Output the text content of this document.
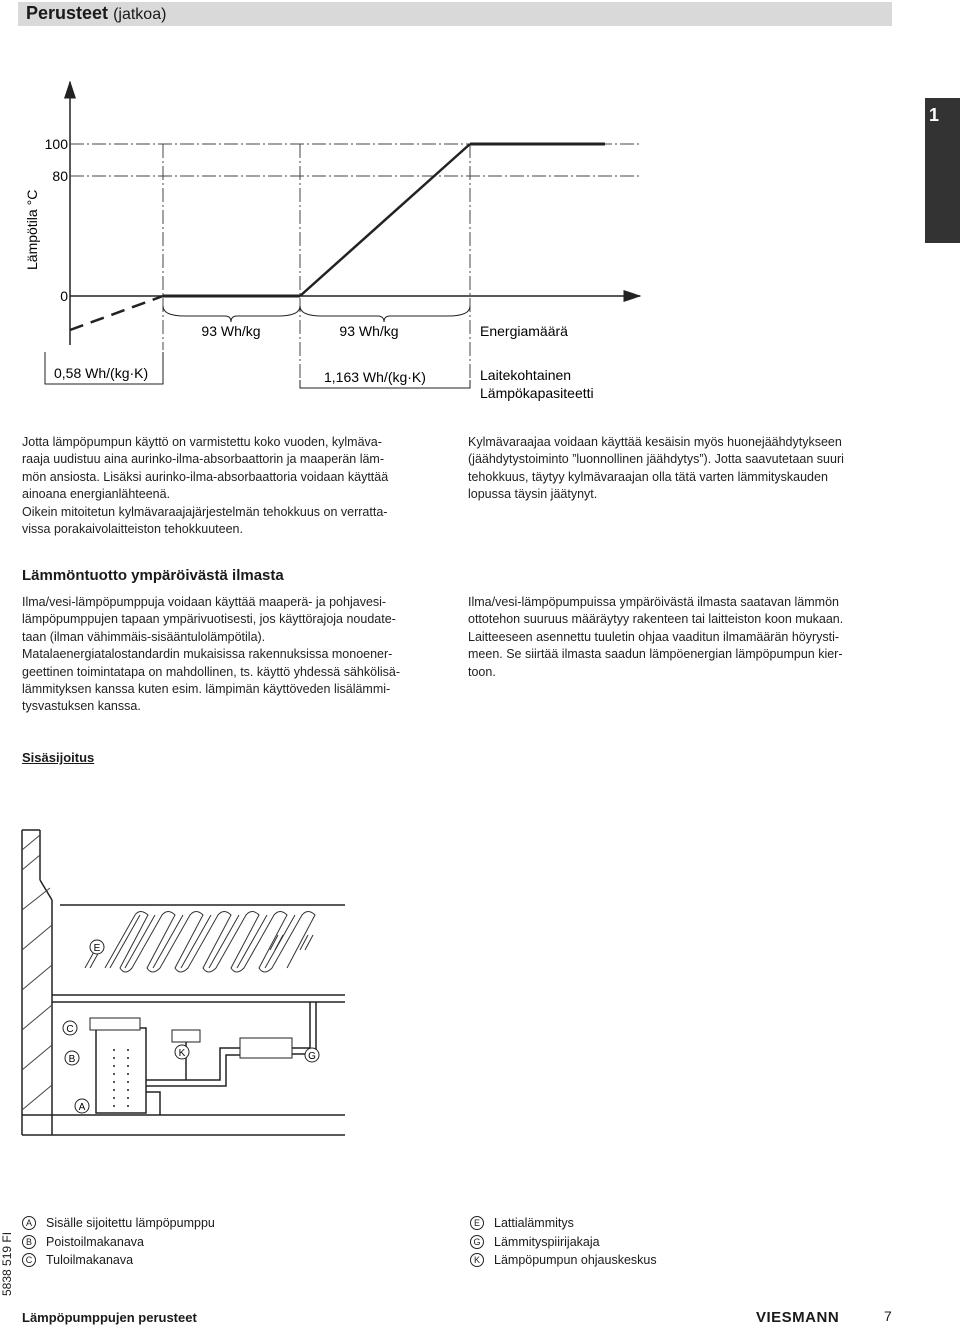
Perusteet (jatkoa)
1
100
80
0
Lämpötila °C
93 Wh/kg	93 Wh/kg	Energiamäärä
0,58 Wh/(kg·K)	1,163 Wh/(kg·K)	Laitekohtainen
Lämpökapasiteetti
Jotta lämpöpumpun käyttö on varmistettu koko vuoden, kylmäva-
raaja uudistuu aina aurinko-ilma-absorbaattorin ja maaperän läm-
mön ansiosta. Lisäksi aurinko-ilma-absorbaattoria voidaan käyttää
ainoana energianlähteenä.
Oikein mitoitetun kylmävaraajajärjestelmän tehokkuus on verratta-
vissa porakaivolaitteiston tehokkuuteen.
Kylmävaraajaa voidaan käyttää kesäisin myös huonejäähdytykseen
(jäähdytystoiminto ”luonnollinen jäähdytys”). Jotta saavutetaan suuri
tehokkuus, täytyy kylmävaraajan olla tätä varten lämmityskauden
lopussa täysin jäätynyt.
Lämmöntuotto ympäröivästä ilmasta
Ilma/vesi-lämpöpumppuja voidaan käyttää maaperä- ja pohjavesi-
lämpöpumppujen tapaan ympärivuotisesti, jos käyttörajoja noudate-
taan (ilman vähimmäis-sisääntulolämpötila).
Matalaenergiatalostandardin mukaisissa rakennuksissa monoener-
geettinen toimintatapa on mahdollinen, ts. käyttö yhdessä sähkölisä-
lämmityksen kanssa kuten esim. lämpimän käyttöveden lisälämmi-
tysvastuksen kanssa.
Ilma/vesi-lämpöpumpuissa ympäröivästä ilmasta saatavan lämmön
ottotehon suuruus määräytyy rakenteen tai laitteiston koon mukaan.
Laitteeseen asennettu tuuletin ohjaa vaaditun ilmamäärän höyrysti-
meen. Se siirtää ilmasta saadun lämpöenergian lämpöpumpun kier-
toon.
Sisäsijoitus
E
C
B
K	G
A
A	Sisälle sijoitettu lämpöpumppu
B	Poistoilmakanava
C	Tuloilmakanava
E	Lattialämmitys
G Lämmityspiirijakaja
K	Lämpöpumpun ohjauskeskus
5838 519 FI
Lämpöpumppujen perusteet	VIESMANN	7
